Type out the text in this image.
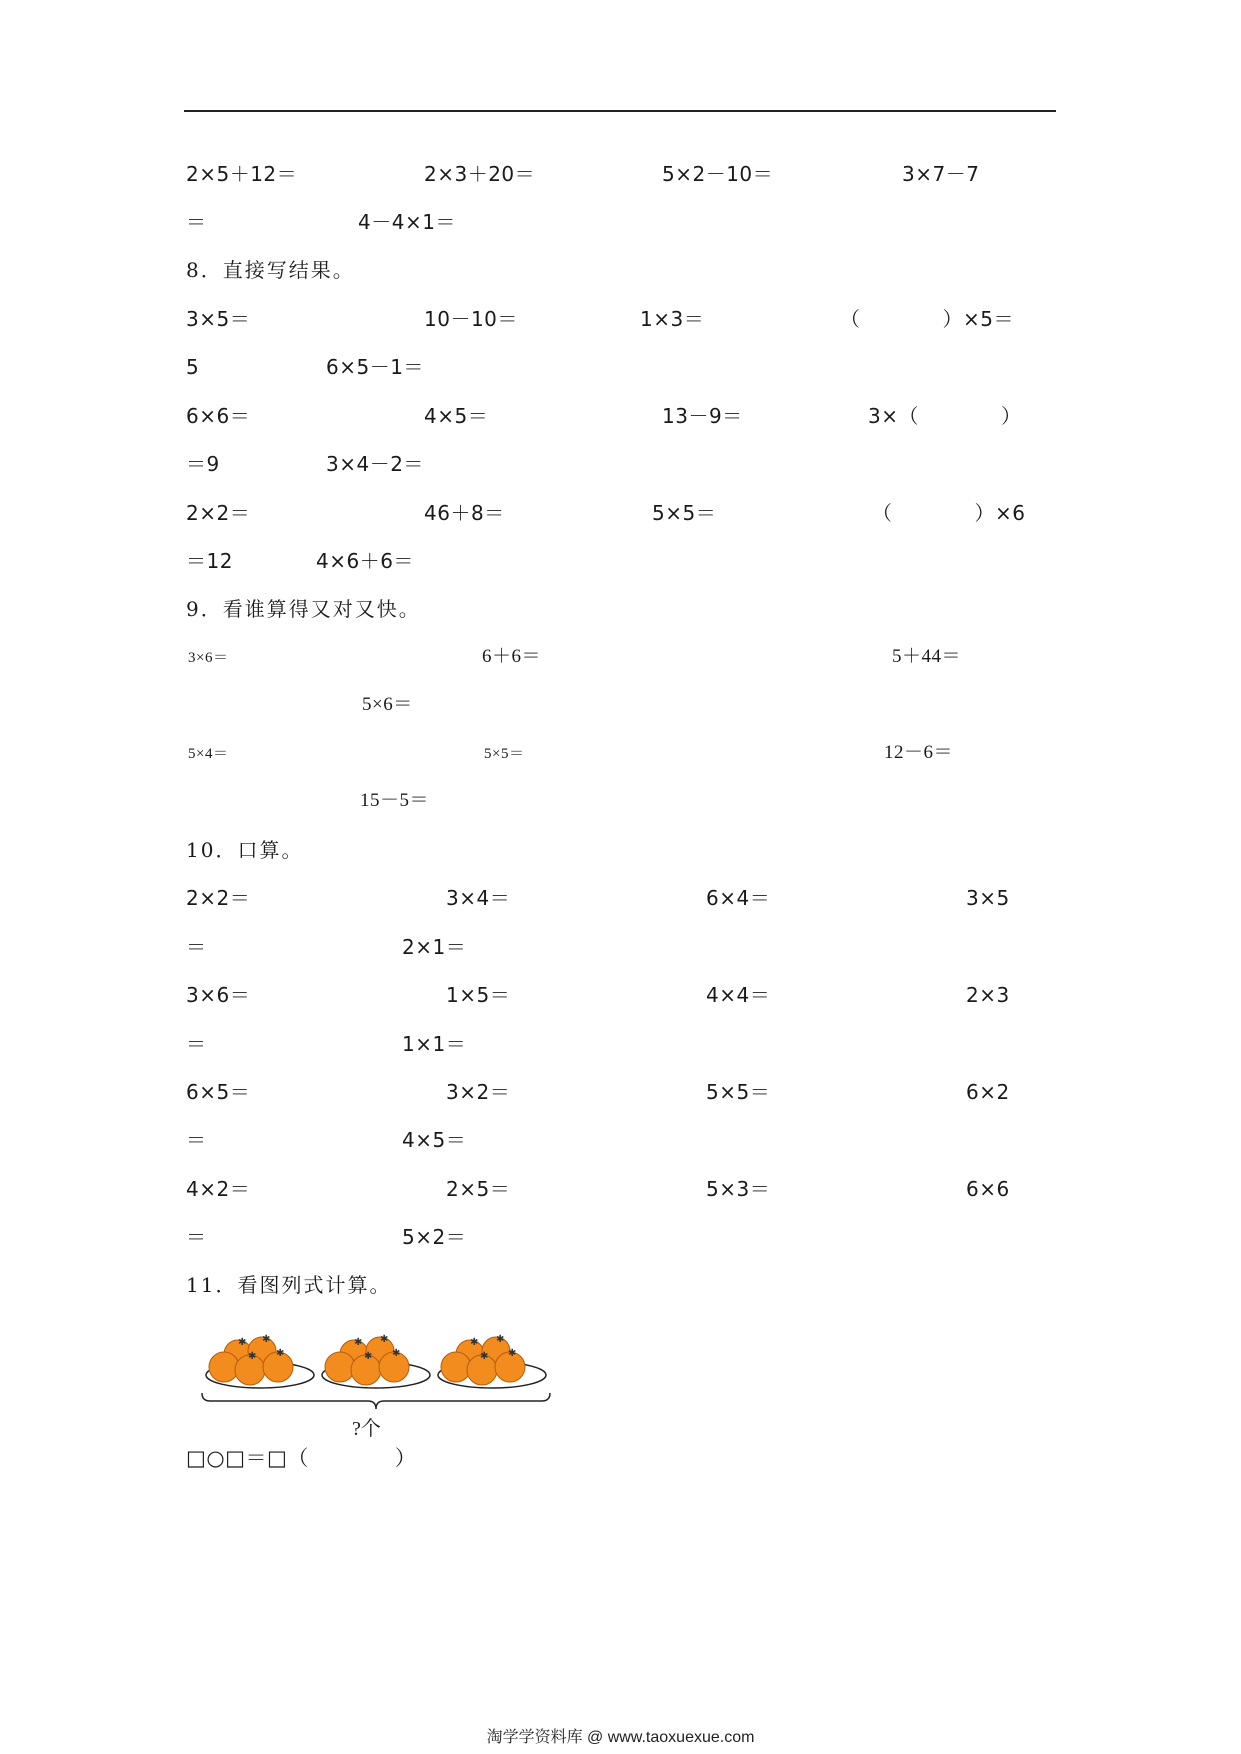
2×5＋12＝	2×3＋20＝	5×2－10＝	3×7－7
＝	4－4×1＝
8．直接写结果。
3×5＝	10－10＝	1×3＝	（　　　　）×5＝
5	6×5－1＝
6×6＝	4×5＝	13－9＝	3×（　　　　）
＝9	3×4－2＝
2×2＝	46＋8＝	5×5＝	（　　　　）×6
＝12	4×6＋6＝
9．看谁算得又对又快。
3×6＝	6＋6＝	5＋44＝
5×6＝
5×4＝	5×5＝	12－6＝
15－5＝
10．口算。
2×2＝	3×4＝	6×4＝	3×5
＝	2×1＝
3×6＝	1×5＝	4×4＝	2×3
＝	1×1＝
6×5＝	3×2＝	5×5＝	6×2
＝	4×5＝
4×2＝	2×5＝	5×3＝	6×6
＝	5×2＝
11．看图列式计算。
✱ ✱
✱ ✱
✱ ✱
✱ ✱
✱ ✱
✱ ✱
?个
□○□＝□（　　　　）
淘学学资料库 @ www.taoxuexue.com
